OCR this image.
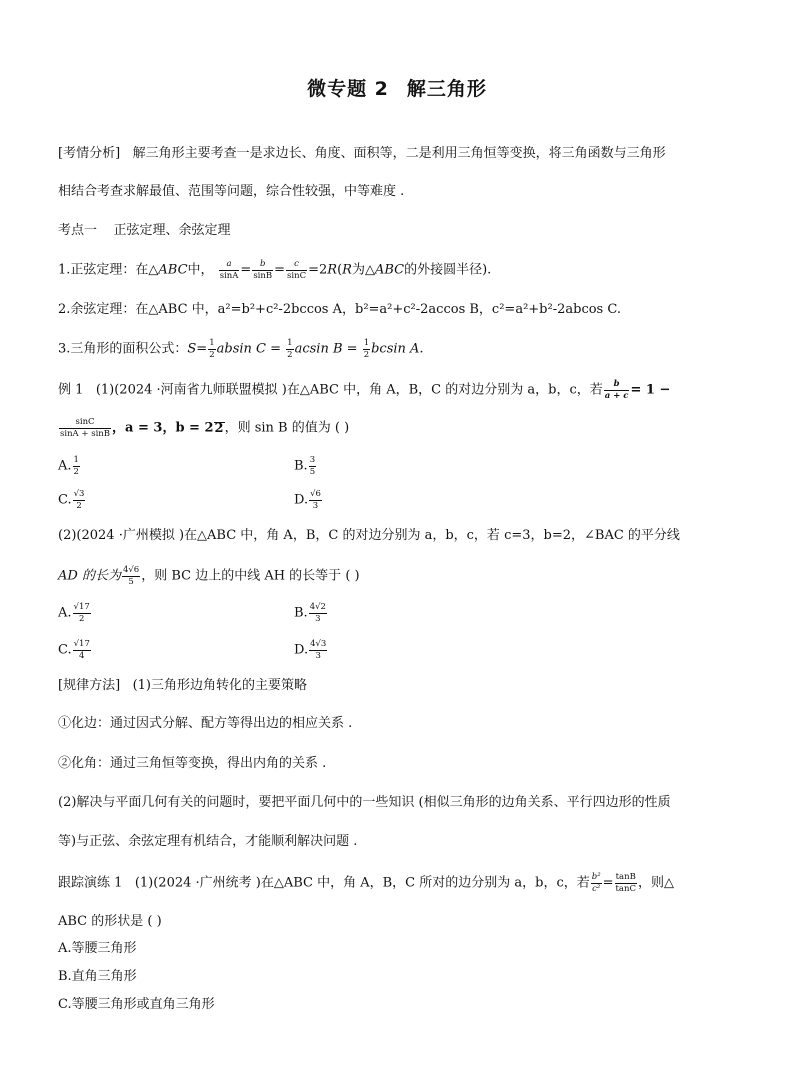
微专题 2 解三角形
[考情分析] 解三角形主要考查一是求边长、角度、面积等，二是利用三角恒等变换，将三角函数与三角形
相结合考查求解最值、范围等问题，综合性较强，中等难度 .
考点一 正弦定理、余弦定理
1.正弦定理：在△ABC中， $\frac{a}{\sin A} = \frac{b}{\sin B} = \frac{c}{\sin C} =2R(R$为△ABC的外接圆半径).
2.余弦定理：在△ABC 中，a²=b²+c²-2bccos A，b²=a²+c²-2accos B，c²=a²+b²-2abcos C.
3.三角形的面积公式：$S= \frac{1}{2}$ absin $C = \frac{1}{2}$ acsin $B = \frac{1}{2}$ bcsin A.
例 1 (1)(2024 ·河南省九师联盟模拟 )在△ABC 中，角 A，B，C 的对边分别为 a，b，c，若 $\frac{b}{a + c} = 1$ −
$\frac{\sin C}{\sin A + \sin B}$ ，a = 3，b = 22，则 sin B 的值为 ( )
A. $\frac{1}{2}$	B. $\frac{3}{5}$
C. $\frac{√3}{2}$	D. $\frac{√6}{3}$
(2)(2024 ·广州模拟 )在△ABC 中，角 A，B，C 的对边分别为 a，b，c，若 c=3，b=2，∠BAC 的平分线
AD 的长为 $\frac{4√6}{5}$ ，则 BC 边上的中线 AH 的长等于 ( )
A. $\frac{√17}{2}$	B. $\frac{4√2}{3}$
C. $\frac{√17}{4}$	D. $\frac{4√3}{3}$
[规律方法] (1)三角形边角转化的主要策略
①化边：通过因式分解、配方等得出边的相应关系 .
②化角：通过三角恒等变换，得出内角的关系 .
(2)解决与平面几何有关的问题时，要把平面几何中的一些知识 (相似三角形的边角关系、平行四边形的性质
等)与正弦、余弦定理有机结合，才能顺利解决问题 .
跟踪演练 1 (1)(2024 ·广州统考 )在△ABC 中，角 A，B，C 所对的边分别为 a，b，c，若 $\frac{\text{b²}}{\text{c²}} = \frac{\tan B}{\tan C}$ ，则△
ABC 的形状是 ( )
A.等腰三角形
B.直角三角形
C.等腰三角形或直角三角形
